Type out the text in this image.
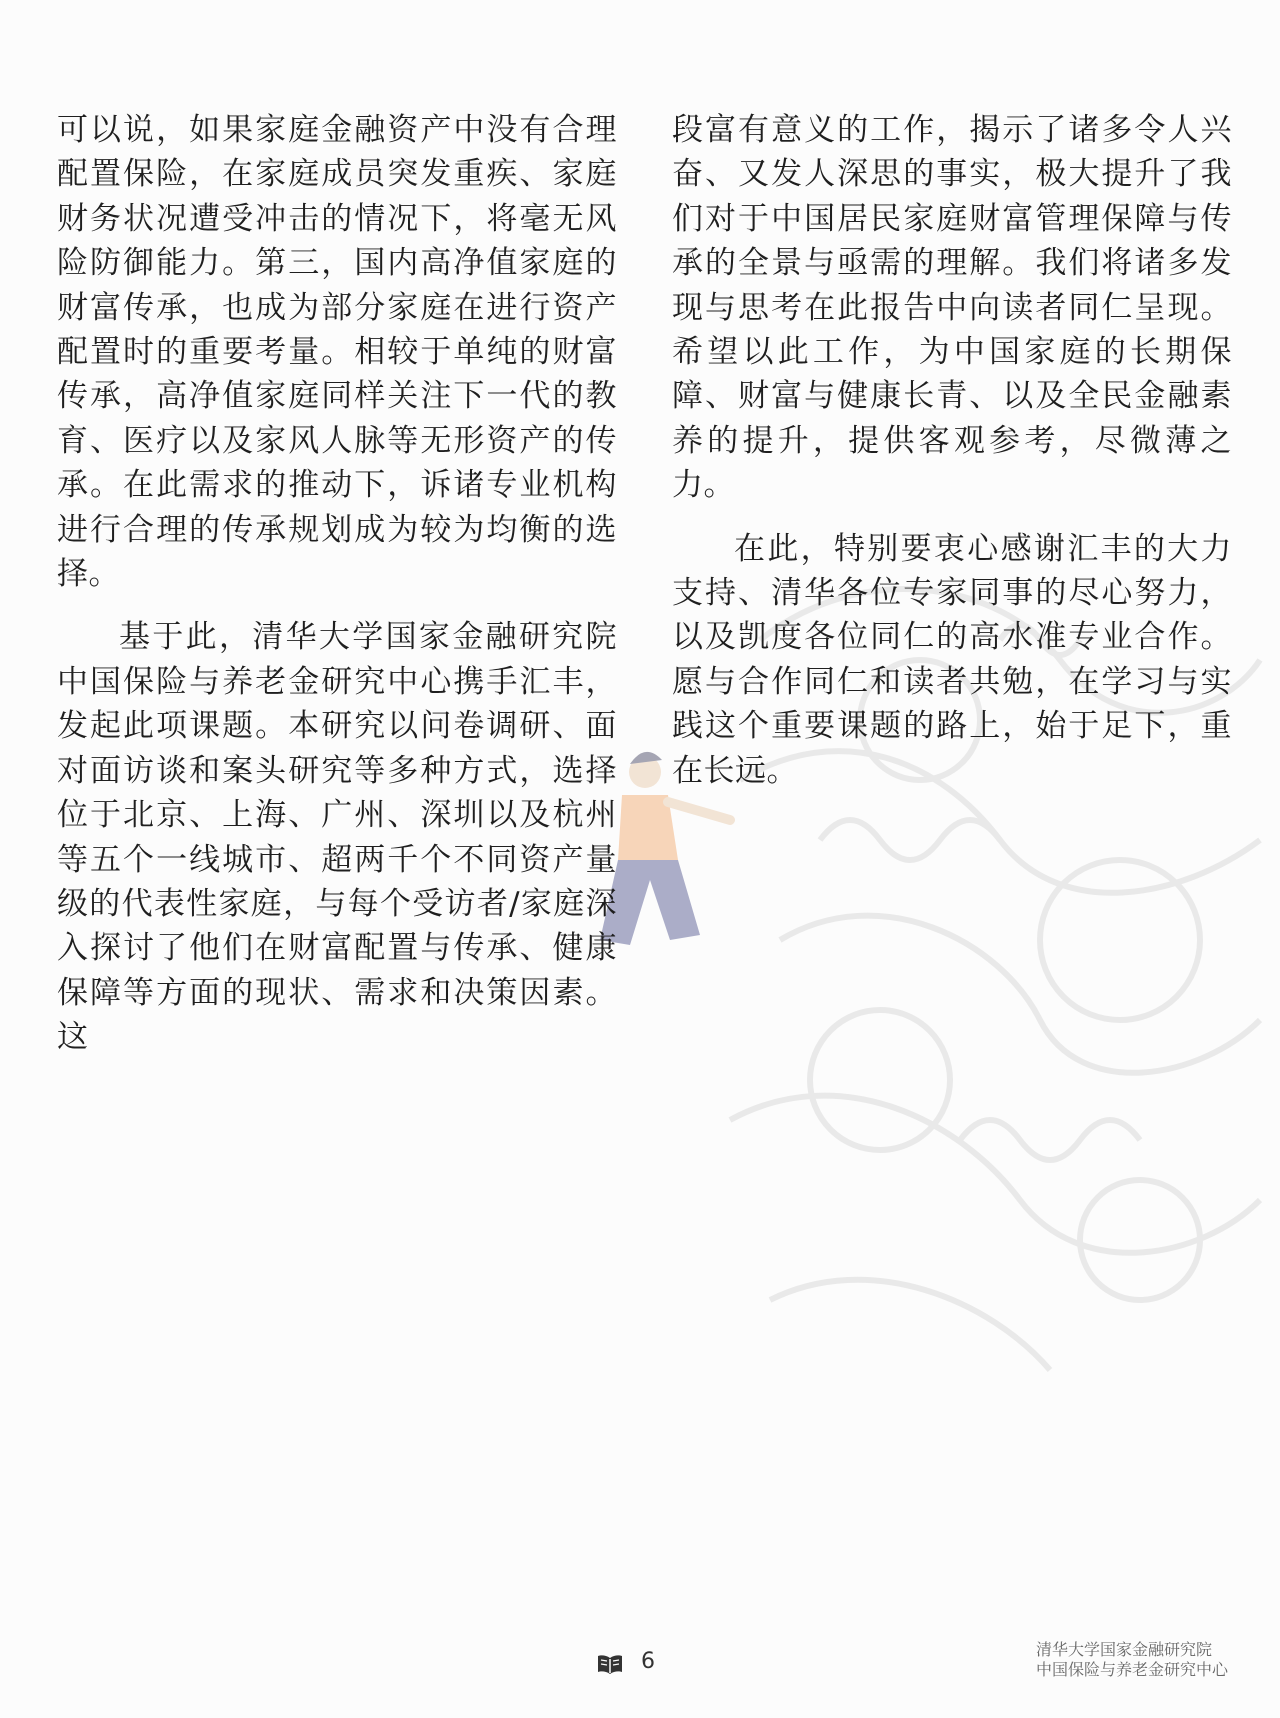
可以说，如果家庭金融资产中没有合理配置保险，在家庭成员突发重疾、家庭财务状况遭受冲击的情况下，将毫无风险防御能力。第三，国内高净值家庭的财富传承，也成为部分家庭在进行资产配置时的重要考量。相较于单纯的财富传承，高净值家庭同样关注下一代的教育、医疗以及家风人脉等无形资产的传承。在此需求的推动下，诉诸专业机构进行合理的传承规划成为较为均衡的选择。

基于此，清华大学国家金融研究院中国保险与养老金研究中心携手汇丰，发起此项课题。本研究以问卷调研、面对面访谈和案头研究等多种方式，选择位于北京、上海、广州、深圳以及杭州等五个一线城市、超两千个不同资产量级的代表性家庭，与每个受访者/家庭深入探讨了他们在财富配置与传承、健康保障等方面的现状、需求和决策因素。这

段富有意义的工作，揭示了诸多令人兴奋、又发人深思的事实，极大提升了我们对于中国居民家庭财富管理保障与传承的全景与亟需的理解。我们将诸多发现与思考在此报告中向读者同仁呈现。希望以此工作，为中国家庭的长期保障、财富与健康长青、以及全民金融素养的提升，提供客观参考，尽微薄之力。

在此，特别要衷心感谢汇丰的大力支持、清华各位专家同事的尽心努力，以及凯度各位同仁的高水准专业合作。愿与合作同仁和读者共勉，在学习与实践这个重要课题的路上，始于足下，重在长远。

6	清华大学国家金融研究院
中国保险与养老金研究中心
